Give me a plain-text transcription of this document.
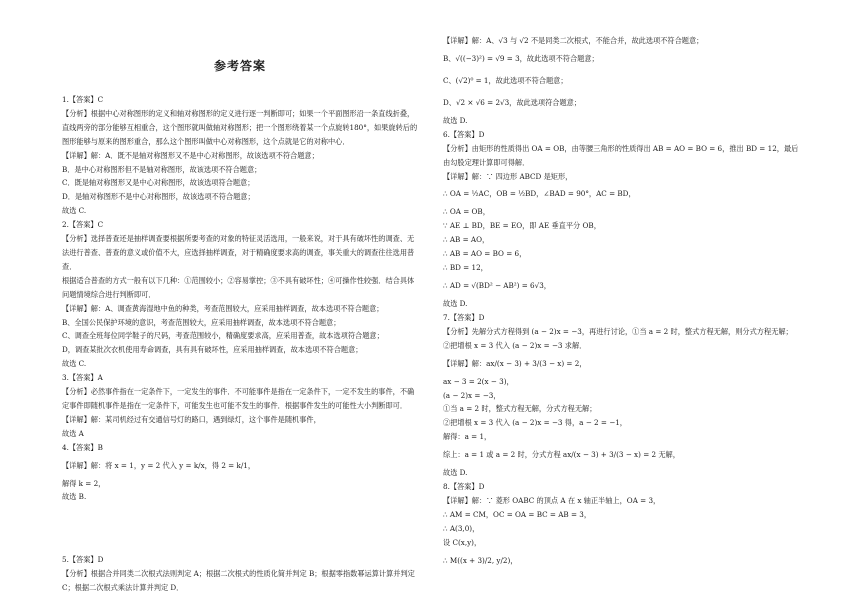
参考答案
1.【答案】C
【分析】根据中心对称图形的定义和轴对称图形的定义进行逐一判断即可；如果一个平面图形沿一条直线折叠，直线两旁的部分能够互相重合，这个图形就叫做轴对称图形；把一个图形绕着某一个点旋转180°，如果旋转后的图形能够与原来的图形重合，那么这个图形叫做中心对称图形，这个点就是它的对称中心．
【详解】解：A．既不是轴对称图形又不是中心对称图形，故该选项不符合题意；
B．是中心对称图形但不是轴对称图形，故该选项不符合题意；
C．既是轴对称图形又是中心对称图形，故该选项符合题意；
D．是轴对称图形不是中心对称图形，故该选项不符合题意；
故选 C.
2.【答案】C
【分析】选择普查还是抽样调查要根据所要考查的对象的特征灵活选用，一般来说，对于具有破坏性的调查、无法进行普查、普查的意义或价值不大，应选择抽样调查，对于精确度要求高的调查，事关重大的调查往往选用普查．
根据适合普查的方式一般有以下几种：①范围较小；②容易掌控；③不具有破坏性；④可操作性较强．结合具体问题情境综合进行判断即可．
【详解】解：A、调查黄海湿地中鱼的种类，考查范围较大，应采用抽样调查，故本选项不符合题意；
B、全国公民保护环境的意识，考查范围较大，应采用抽样调查，故本选项不符合题意；
C、调查全班每位同学鞋子的尺码，考查范围较小，精确度要求高，应采用普查，故本选项符合题意；
D，调查某批次衣机使用寿命调查，具有具有破坏性，应采用抽样调查，故本选项不符合题意；
故选 C.
3.【答案】A
【分析】必然事件指在一定条件下，一定发生的事件．不可能事件是指在一定条件下，一定不发生的事件，不确定事件即随机事件是指在一定条件下，可能发生也可能不发生的事件．根据事件发生的可能性大小判断即可．
【详解】解：某司机经过有交通信号灯的路口，遇到绿灯，这个事件是随机事件，
故选 A
4.【答案】B
【详解】解：将 x = 1，y = 2 代入 y = k/x，得 2 = k/1，
解得 k = 2，
故选 B.
5.【答案】D
【分析】根据合并同类二次根式法则判定 A；根据二次根式的性质化简并判定 B；根据零指数幂运算计算并判定 C；根据二次根式乘法计算并判定 D．
【详解】解：A、√3 与 √2 不是同类二次根式，不能合并，故此选项不符合题意；
B、√((−3)²) = √9 = 3，故此选项不符合题意；
C、(√2)⁰ = 1，故此选项不符合题意；
D、√2 × √6 = 2√3，故此选项符合题意；
故选 D.
6.【答案】D
【分析】由矩形的性质得出 OA = OB，由等腰三角形的性质得出 AB = AO = BO = 6，推出 BD = 12，最后由勾股定理计算即可得解．
【详解】解：∵ 四边形 ABCD 是矩形，
∴ OA = ½AC，OB = ½BD，∠BAD = 90°，AC = BD，
∴ OA = OB，
∵ AE ⊥ BD，BE = EO，即 AE 垂直平分 OB，
∴ AB = AO，
∴ AB = AO = BO = 6，
∴ BD = 12，
∴ AD = √(BD² − AB²) = 6√3，
故选 D.
7.【答案】D
【分析】先解分式方程得到 (a − 2)x = −3，再进行讨论，①当 a = 2 时，整式方程无解，则分式方程无解；
②把增根 x = 3 代入 (a − 2)x = −3 求解．
【详解】解：ax/(x − 3) + 3/(3 − x) = 2，
ax − 3 = 2(x − 3)，
(a − 2)x = −3，
①当 a = 2 时，整式方程无解，分式方程无解；
②把增根 x = 3 代入 (a − 2)x = −3 得，a − 2 = −1，
解得：a = 1，
综上：a = 1 或 a = 2 时，分式方程 ax/(x − 3) + 3/(3 − x) = 2 无解，
故选 D.
8.【答案】D
【详解】解：∵ 菱形 OABC 的顶点 A 在 x 轴正半轴上，OA = 3，
∴ AM = CM，OC = OA = BC = AB = 3，
∴ A(3,0)，
设 C(x,y)，
∴ M((x + 3)/2, y/2)，
